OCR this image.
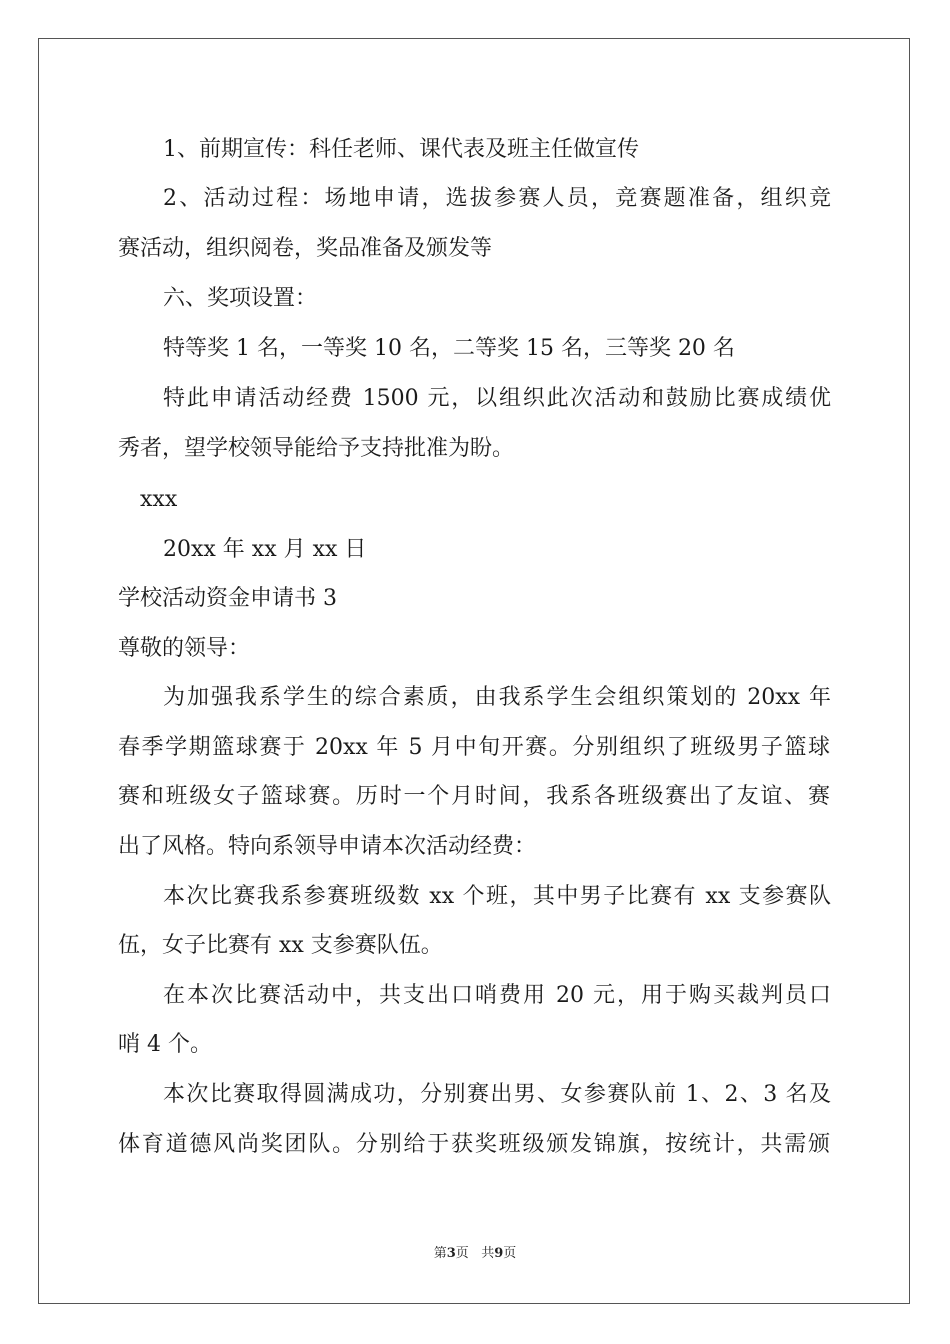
1、前期宣传：科任老师、课代表及班主任做宣传
2、活动过程：场地申请，选拔参赛人员，竞赛题准备，组织竞
赛活动，组织阅卷，奖品准备及颁发等
六、奖项设置：
特等奖 1 名，一等奖 10 名，二等奖 15 名，三等奖 20 名
特此申请活动经费 1500 元，以组织此次活动和鼓励比赛成绩优
秀者，望学校领导能给予支持批准为盼。
xxx
20xx 年 xx 月 xx 日
学校活动资金申请书 3
尊敬的领导：
为加强我系学生的综合素质，由我系学生会组织策划的 20xx 年
春季学期篮球赛于 20xx 年 5 月中旬开赛。分别组织了班级男子篮球
赛和班级女子篮球赛。历时一个月时间，我系各班级赛出了友谊、赛
出了风格。特向系领导申请本次活动经费：
本次比赛我系参赛班级数 xx 个班，其中男子比赛有 xx 支参赛队
伍，女子比赛有 xx 支参赛队伍。
在本次比赛活动中，共支出口哨费用 20 元，用于购买裁判员口
哨 4 个。
本次比赛取得圆满成功，分别赛出男、女参赛队前 1、2、3 名及
体育道德风尚奖团队。分别给于获奖班级颁发锦旗，按统计，共需颁
第3页   共9页
